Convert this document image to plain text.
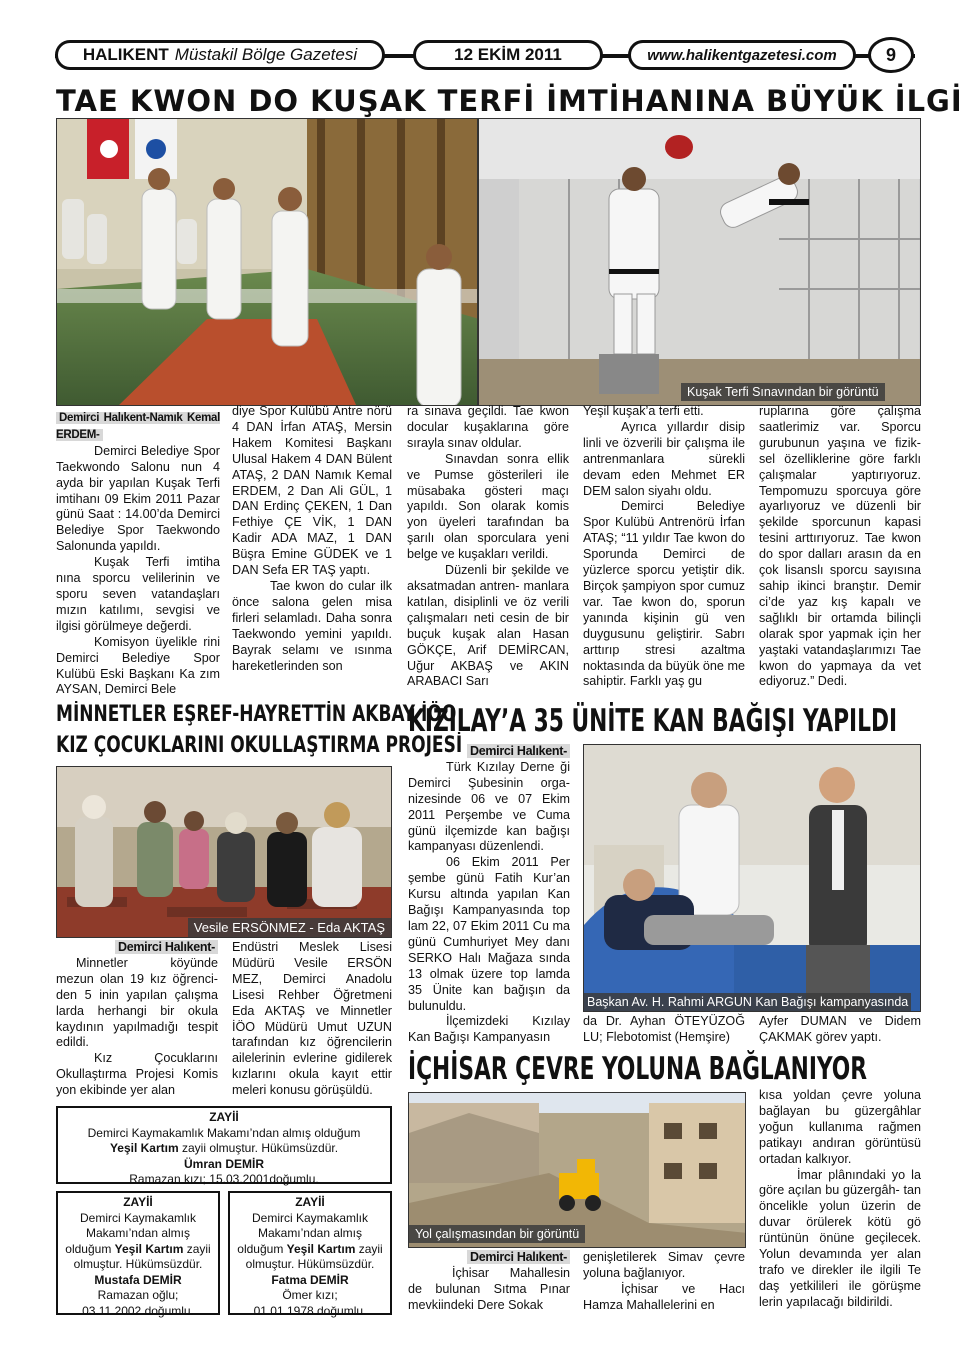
HALIKENT Müstakil Bölge Gazetesi	12 EKİM 2011	www.halikentgazetesi.com	9
TAE KWON DO KUŞAK TERFİ İMTİHANINA BÜYÜK İLGİ
Kuşak Terfi Sınavından bir görüntü

Demirci Halıkent-Namık Kemal ERDEM-

Demirci Belediye Spor Taekwondo Salonu nun 4 ayda bir yapılan Kuşak Terfi imtihanı 09 Ekim 2011 Pazar günü Saat : 14.00’da Demirci Belediye Spor Taekwondo Salonunda yapıldı.

Kuşak Terfi imtiha nına sporcu velilerinin ve sporu seven vatandaşları mızın katılımı, sevgisi ve ilgisi görülmeye değerdi.

Komisyon üyelikle rini Demirci Belediye Spor Kulübü Eski Başkanı Ka zım AYSAN, Demirci Bele

diye Spor Kulübü Antre nörü 4 DAN İrfan ATAŞ, Mersin Hakem Komitesi Başkanı Ulusal Hakem 4 DAN Bülent ATAŞ, 2 DAN Namık Kemal ERDEM, 2 Dan Ali GÜL, 1 DAN Erdinç ÇEKEN, 1 Dan Fethiye ÇE VİK, 1 DAN Kadir ADA MAZ, 1 DAN Büşra Emine GÜDEK ve 1 DAN Sefa ER TAŞ yaptı.

Tae kwon do cular ilk önce salona gelen misa firleri selamladı. Daha sonra Taekwondo yemini yapıldı. Bayrak selamı ve ısınma hareketlerinden son

ra sınava geçildi. Tae kwon docular kuşaklarına göre sırayla sınav oldular.

Sınavdan sonra ellik ve Pumse gösterileri ile müsabaka gösteri maçı yapıldı. Son olarak komis yon üyeleri tarafından ba şarılı olan sporculara yeni belge ve kuşakları verildi.

Düzenli bir şekilde ve aksatmadan antren- manlara katılan, disiplinli ve öz verili çalışmaları neti cesin de bir buçuk kuşak alan Hasan GÖKÇE, Arif DEMİRCAN, Uğur AKBAŞ ve AKIN ARABACI Sarı

Yeşil kuşak’a terfi etti.

Ayrıca yıllardır disip linli ve özverili bir çalışma ile antrenmanlara sürekli devam eden Mehmet ER DEM salon siyahı oldu.

Demirci Belediye Spor Kulübü Antrenörü İrfan ATAŞ; “11 yıldır Tae kwon do Sporunda Demirci de yüzlerce sporcu yetiştir dik. Birçok şampiyon spor cumuz var. Tae kwon do, sporun yanında kişinin gü ven duygusunu geliştirir. Sabrı arttırıp stresi azaltma noktasında da büyük öne me sahiptir. Farklı yaş gu

ruplarına göre çalışma saatlerimiz var. Sporcu gurubunun yaşına ve fizik- sel özelliklerine göre farklı çalışmalar yaptırıyoruz. Tempomuzu sporcuya göre ayarlıyoruz ve düzenli bir şekilde sporcunun kapasi tesini arttırıyoruz. Tae kwon do spor dalları arasın da en çok lisanslı sporcu sayısına sahip ikinci branştır. Demir ci’de yaz kış kapalı ve sağlıklı bir ortamda bilinçli olarak spor yapmak için her yaştaki vatandaşlarımızı Tae kwon do yapmaya da vet ediyoruz.” Dedi.

MİNNETLER EŞREF-HAYRETTİN AKBAY İÖO
KIZ ÇOCUKLARINI OKULLAŞTIRMA PROJESİ
Vesile ERSÖNMEZ - Eda AKTAŞ

Demirci Halıkent-

Minnetler köyünde mezun olan 19 kız öğrenci- den 5 inin yapılan çalışma larda herhangi bir okula kaydının yapılmadığı tespit edildi.

Kız Çocuklarını Okullaştırma Projesi Komis yon ekibinde yer alan

Endüstri Meslek Lisesi Müdürü Vesile ERSÖN MEZ, Demirci Anadolu Lisesi Rehber Öğretmeni Eda AKTAŞ ve Minnetler İÖO Müdürü Umut UZUN tarafından kız öğrencilerin ailelerinin evlerine gidilerek kızlarını okula kayıt ettir meleri konusu görüşüldü.

KIZILAY’A 35 ÜNİTE KAN BAĞIŞI YAPILDI

Demirci Halıkent-

Türk Kızılay Derne ği Demirci Şubesinin orga- nizesinde 06 ve 07 Ekim 2011 Perşembe ve Cuma günü ilçemizde kan bağışı kampanyası düzenlendi.

06 Ekim 2011 Per şembe günü Fatih Kur’an Kursu altında yapılan Kan Bağışı Kampanyasında top lam 22, 07 Ekim 2011 Cu ma günü Cumhuriyet Mey danı SERKO Halı Mağaza sında 13 olmak üzere top lamda 35 Ünite kan bağışın da bulunuldu.

İlçemizdeki Kızılay Kan Bağışı Kampanyasın

Başkan Av. H. Rahmi ARGUN Kan Bağışı kampanyasında

da Dr. Ayhan ÖTEYÜZOĞ LU; Flebotomist (Hemşire)

Ayfer DUMAN ve Didem ÇAKMAK görev yaptı.

İÇHİSAR ÇEVRE YOLUNA BAĞLANIYOR
Yol çalışmasından bir görüntü

Demirci Halıkent-

İçhisar Mahallesin de bulunan Sıtma Pınar mevkiindeki Dere Sokak

genişletilerek Simav çevre yoluna bağlanıyor.

İçhisar ve Hacı Hamza Mahallelerini en

kısa yoldan çevre yoluna bağlayan bu güzergâhlar yoğun kullanıma rağmen patikayı andıran görüntüsü ortadan kalkıyor.

İmar plânındaki yo la göre açılan bu güzergâh- tan öncelikle yolun üzerin de duvar örülerek kötü gö rüntünün önüne geçilecek. Yolun devamında yer alan trafo ve direkler ile ilgili Te daş yetkilileri ile görüşme lerin yapılacağı bildirildi.

ZAYİİ
Demirci Kaymakamlık Makamı’ndan almış olduğum
Yeşil Kartım zayii olmuştur. Hükümsüzdür.
Ümran DEMİR
Ramazan kızı; 15.03.2001doğumlu.
ZAYİİ
Demirci Kaymakamlık
Makamı’ndan almış
olduğum Yeşil Kartım zayii
olmuştur. Hükümsüzdür.
Mustafa DEMİR
Ramazan oğlu;
03.11.2002 doğumlu.
ZAYİİ
Demirci Kaymakamlık
Makamı’ndan almış
olduğum Yeşil Kartım zayii
olmuştur. Hükümsüzdür.
Fatma DEMİR
Ömer kızı;
01.01.1978 doğumlu.
